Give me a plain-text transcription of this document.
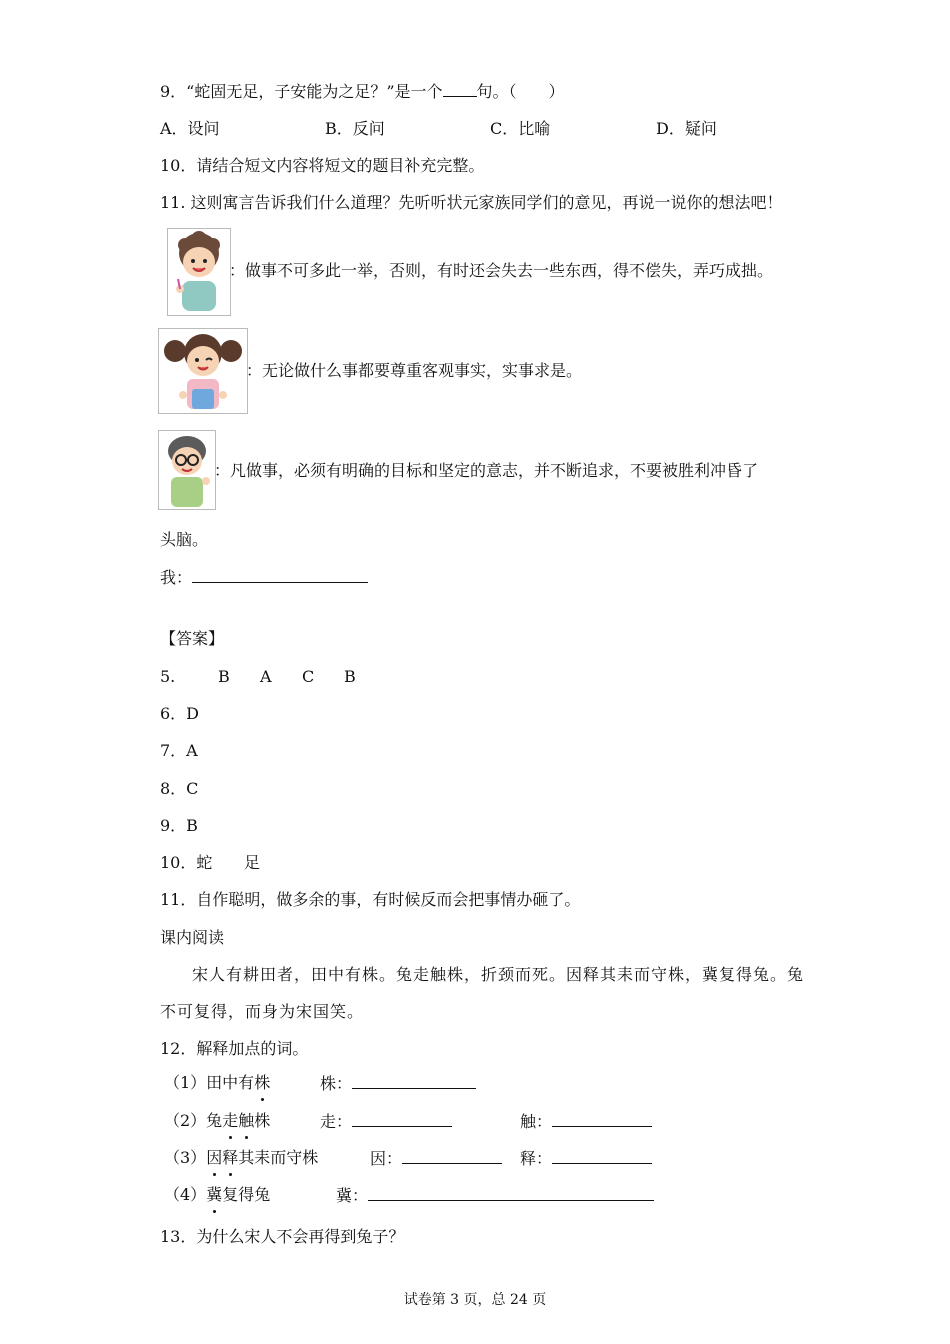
9．“蛇固无足，子安能为之足？”是一个 句。（　　）
A．设问	B．反问	C．比喻	D．疑问
10．请结合短文内容将短文的题目补充完整。
11. 这则寓言告诉我们什么道理？先听听状元家族同学们的意见，再说一说你的想法吧！
：做事不可多此一举，否则，有时还会失去一些东西，得不偿失，弄巧成拙。
：无论做什么事都要尊重客观事实，实事求是。
：凡做事，必须有明确的目标和坚定的意志，并不断追求，不要被胜利冲昏了
头脑。
我：
【答案】
5.	B A C B
6．D
7．A
8．C
9．B
10．蛇 足
11．自作聪明，做多余的事，有时候反而会把事情办砸了。
课内阅读
宋人有耕田者，田中有株。兔走触株，折颈而死。因释其耒而守株，冀复得兔。兔
不可复得，而身为宋国笑。
12．解释加点的词。
（1）田中有株	株：
（2）兔走触株	走：	触：
（3）因释其耒而守株	因：	释：
（4）冀复得兔	冀：
13．为什么宋人不会再得到兔子？
试卷第 3 页，总 24 页
